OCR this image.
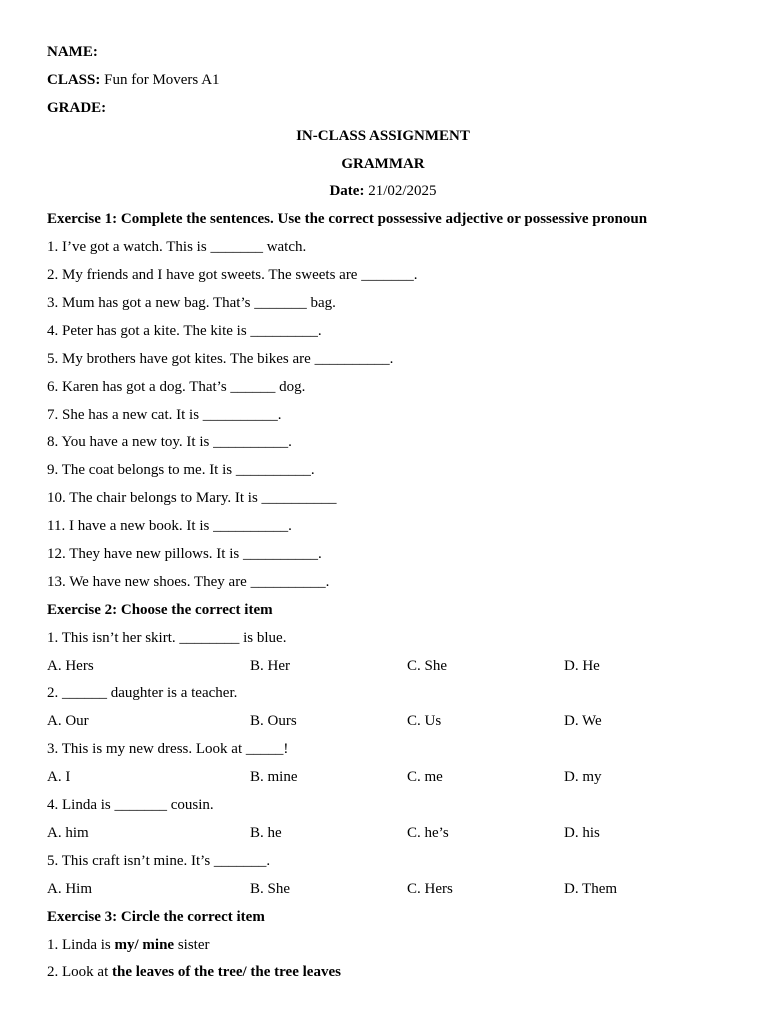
NAME:
CLASS: Fun for Movers A1
GRADE:
IN-CLASS ASSIGNMENT
GRAMMAR
Date: 21/02/2025
Exercise 1: Complete the sentences. Use the correct possessive adjective or possessive pronoun
1. I’ve got a watch. This is _______ watch.
2. My friends and I have got sweets. The sweets are _______.
3. Mum has got a new bag. That’s _______ bag.
4. Peter has got a kite. The kite is _________.
5. My brothers have got kites. The bikes are __________.
6. Karen has got a dog. That’s ______ dog.
7. She has a new cat. It is __________.
8. You have a new toy. It is __________.
9. The coat belongs to me. It is __________.
10. The chair belongs to Mary. It is __________
11. I have a new book. It is __________.
12. They have new pillows. It is __________.
13. We have new shoes. They are __________.
Exercise 2: Choose the correct item
1. This isn’t her skirt. ________ is blue.
A. Hers	B. Her	C. She	D. He
2. ______ daughter is a teacher.
A. Our	B. Ours	C. Us	D. We
3. This is my new dress. Look at _____!
A. I	B. mine	C. me	D. my
4. Linda is _______ cousin.
A. him	B. he	C. he’s	D. his
5. This craft isn’t mine. It’s _______.
A. Him	B. She	C. Hers	D. Them
Exercise 3: Circle the correct item
1. Linda is my/ mine sister
2. Look at the leaves of the tree/ the tree leaves
